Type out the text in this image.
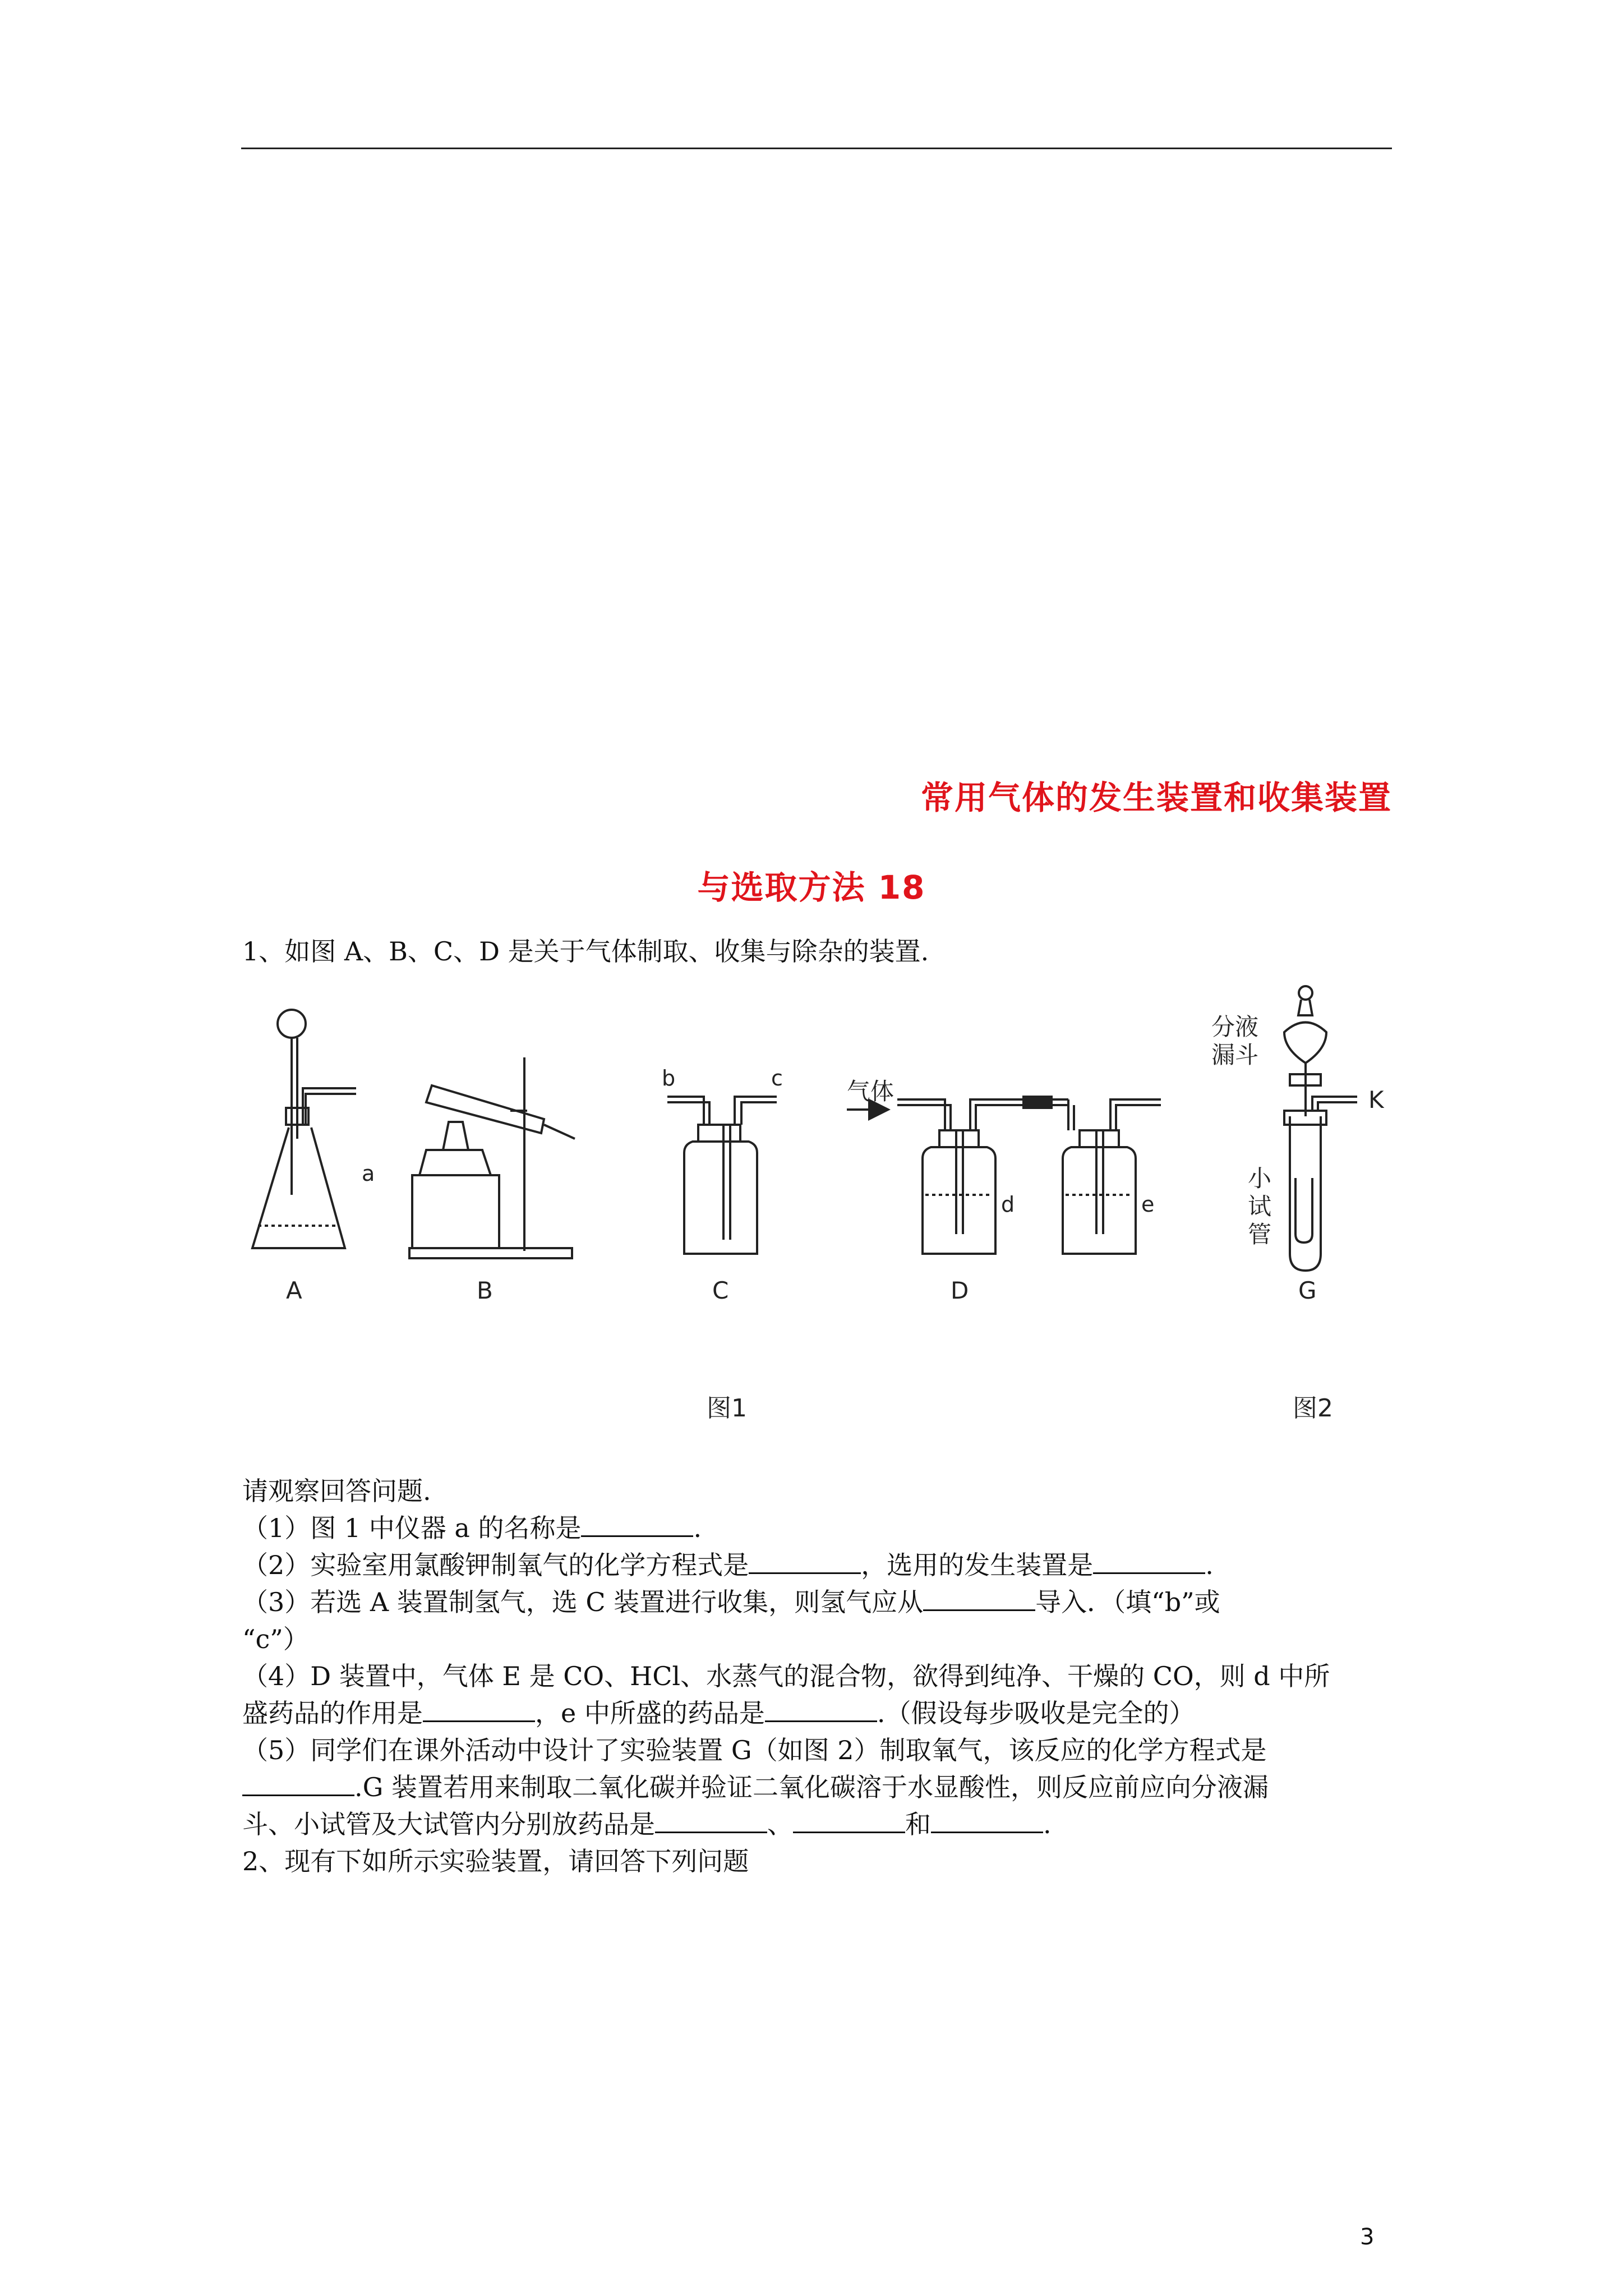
常用气体的发生装置和收集装置
与选取方法 18
1、如图 A、B、C、D 是关于气体制取、收集与除杂的装置.
a
b	c	气体
d	e
K
分液
漏斗
小
试
管
A	B	C	D	G
图1	图2

请观察回答问题.

（1）图 1 中仪器 a 的名称是	.

（2）实验室用氯酸钾制氧气的化学方程式是	，选用的发生装置是	.

（3）若选 A 装置制氢气，选 C 装置进行收集，则氢气应从	导入．（填“b”或

“c”）

（4）D 装置中，气体 E 是 CO、HCl、水蒸气的混合物，欲得到纯净、干燥的 CO，则 d 中所

盛药品的作用是	，e 中所盛的药品是	.（假设每步吸收是完全的）

（5）同学们在课外活动中设计了实验装置 G（如图 2）制取氧气，该反应的化学方程式是

.G 装置若用来制取二氧化碳并验证二氧化碳溶于水显酸性，则反应前应向分液漏

斗、小试管及大试管内分别放药品是	、	和	.

2、现有下如所示实验装置，请回答下列问题

3
